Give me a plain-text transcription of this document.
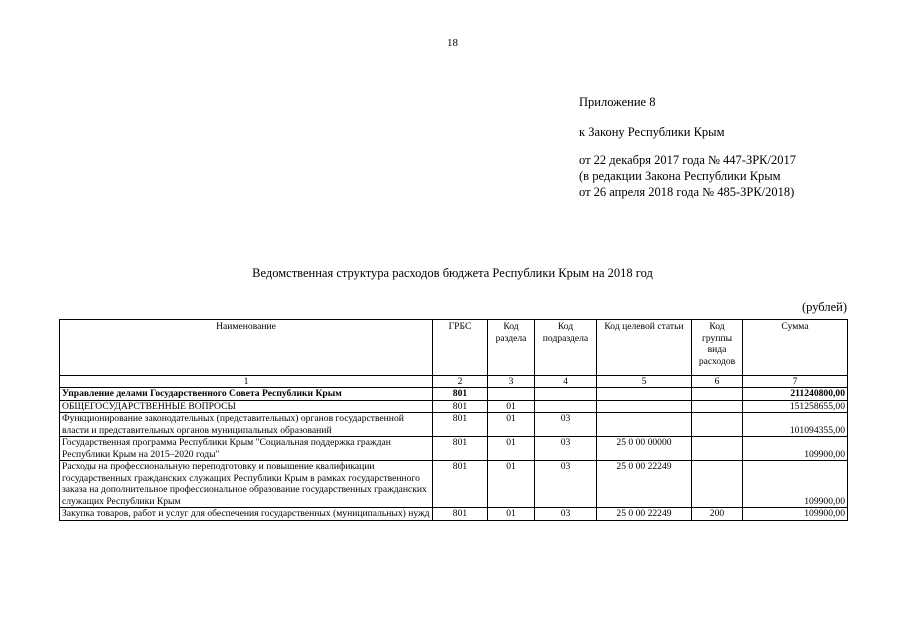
18
Приложение 8
к Закону Республики Крым
от 22 декабря 2017 года № 447-ЗРК/2017
(в редакции Закона Республики Крым
от 26 апреля 2018 года № 485-ЗРК/2018)
Ведомственная структура расходов бюджета Республики Крым на 2018 год
(рублей)
Наименование	ГРБС	Код раздела	Код подраздела	Код целевой статьи	Код группы вида расходов	Сумма
1	2	3	4	5	6	7
Управление делами Государственного Совета Республики Крым	801					211240800,00
ОБЩЕГОСУДАРСТВЕННЫЕ ВОПРОСЫ	801	01				151258655,00
Функционирование законодательных (представительных) органов государственной власти и представительных органов муниципальных образований	801	01	03			101094355,00
Государственная программа Республики Крым "Социальная поддержка граждан Республики Крым на 2015–2020 годы"	801	01	03	25 0 00 00000		109900,00
Расходы на профессиональную переподготовку и повышение квалификации государственных гражданских служащих Республики Крым в рамках государственного заказа на дополнительное профессиональное образование государственных гражданских служащих Республики Крым	801	01	03	25 0 00 22249		109900,00
Закупка товаров, работ и услуг для обеспечения государственных (муниципальных) нужд	801	01	03	25 0 00 22249	200	109900,00
